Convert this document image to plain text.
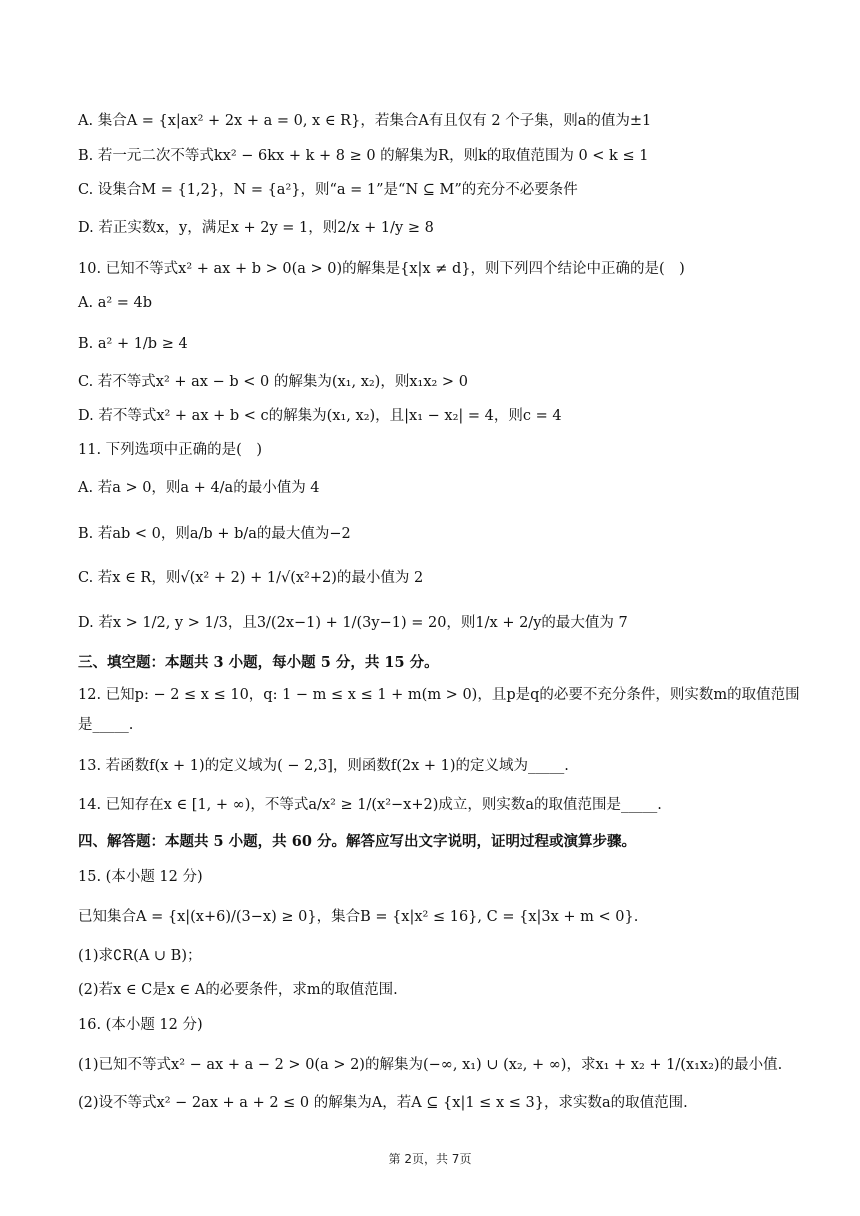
A. 集合A = {x|ax² + 2x + a = 0, x ∈ R}，若集合A有且仅有 2 个子集，则a的值为±1
B. 若一元二次不等式kx² − 6kx + k + 8 ≥ 0 的解集为R，则k的取值范围为 0 < k ≤ 1
C. 设集合M = {1,2}，N = {a²}，则“a = 1”是“N ⊆ M”的充分不必要条件
D. 若正实数x，y，满足x + 2y = 1，则2/x + 1/y ≥ 8
10. 已知不等式x² + ax + b > 0(a > 0)的解集是{x|x ≠ d}，则下列四个结论中正确的是(　)
A. a² = 4b
B. a² + 1/b ≥ 4
C. 若不等式x² + ax − b < 0 的解集为(x₁, x₂)，则x₁x₂ > 0
D. 若不等式x² + ax + b < c的解集为(x₁, x₂)，且|x₁ − x₂| = 4，则c = 4
11. 下列选项中正确的是(　)
A. 若a > 0，则a + 4/a的最小值为 4
B. 若ab < 0，则a/b + b/a的最大值为−2
C. 若x ∈ R，则√(x² + 2) + 1/√(x²+2)的最小值为 2
D. 若x > 1/2, y > 1/3，且3/(2x−1) + 1/(3y−1) = 20，则1/x + 2/y的最大值为 7
三、填空题：本题共 3 小题，每小题 5 分，共 15 分。
12. 已知p: − 2 ≤ x ≤ 10，q: 1 − m ≤ x ≤ 1 + m(m > 0)，且p是q的必要不充分条件，则实数m的取值范围是_____.
13. 若函数f(x + 1)的定义域为( − 2,3]，则函数f(2x + 1)的定义域为_____.
14. 已知存在x ∈ [1, + ∞)，不等式a/x² ≥ 1/(x²−x+2)成立，则实数a的取值范围是_____.
四、解答题：本题共 5 小题，共 60 分。解答应写出文字说明，证明过程或演算步骤。
15. (本小题 12 分)
已知集合A = {x|(x+6)/(3−x) ≥ 0}，集合B = {x|x² ≤ 16}, C = {x|3x + m < 0}.
(1)求∁R(A ∪ B)；
(2)若x ∈ C是x ∈ A的必要条件，求m的取值范围.
16. (本小题 12 分)
(1)已知不等式x² − ax + a − 2 > 0(a > 2)的解集为(−∞, x₁) ∪ (x₂, + ∞)，求x₁ + x₂ + 1/(x₁x₂)的最小值.
(2)设不等式x² − 2ax + a + 2 ≤ 0 的解集为A，若A ⊆ {x|1 ≤ x ≤ 3}，求实数a的取值范围.
第 2页，共 7页
